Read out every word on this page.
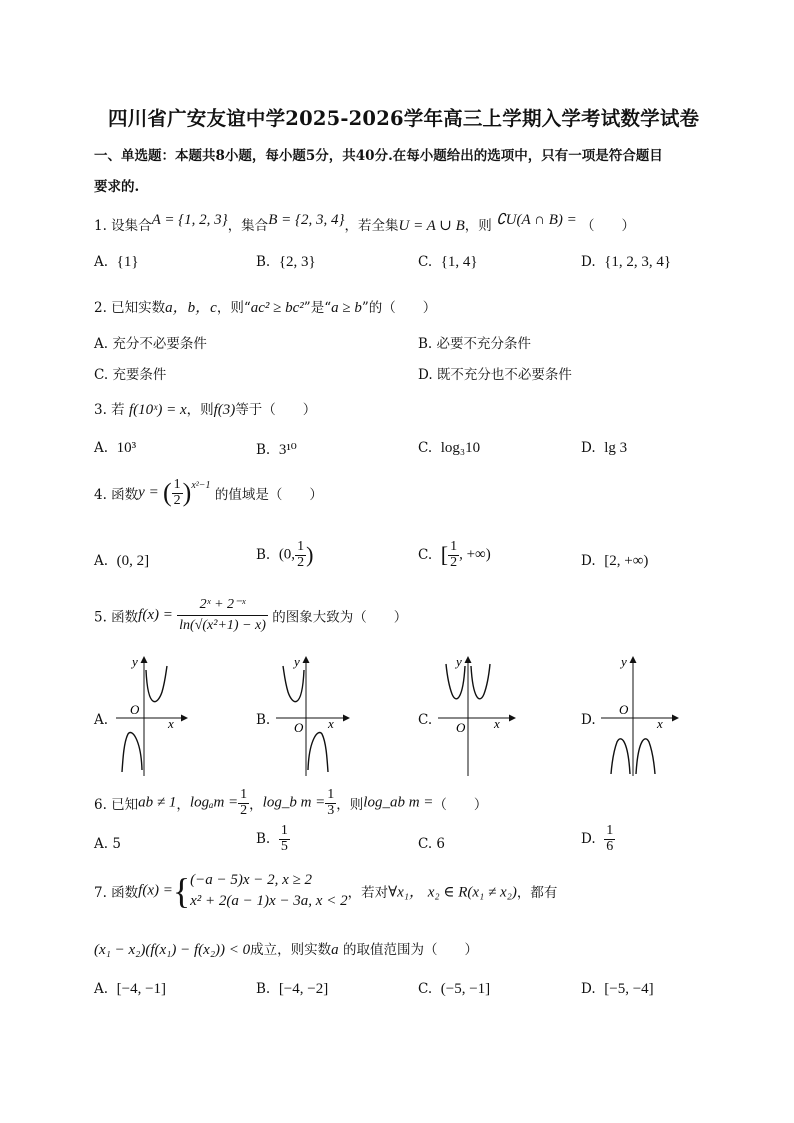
四川省广安友谊中学2025-2026学年高三上学期入学考试数学试卷
一、单选题：本题共8小题，每小题5分，共40分.在每小题给出的选项中，只有一项是符合题目
要求的.
1. 设集合A = {1, 2, 3}，集合B = {2, 3, 4}，若全集U = A ∪ B，则 ∁U(A ∩ B) = （　　）
A. {1}	B. {2, 3}	C. {1, 4}	D. {1, 2, 3, 4}
2. 已知实数a，b，c，则“ac² ≥ bc²”是“a ≥ b”的（　　）
A. 充分不必要条件	B. 必要不充分条件
C. 充要条件	D. 既不充分也不必要条件
3. 若 f(10ˣ) = x，则f(3)等于（　　）
A. 10³	B. 3¹⁰	C. log₃10	D. lg 3
4. 函数y = ( $\frac{1}{2} )^{x^2-1}$ 的值域是（　　）
A. (0, 2]	B. (0, $\frac{1}{2}$ )	C. [ $\frac{1}{2}$ , +∞)	D. [2, +∞)
5. 函数$f(x) = \frac{\text{2ˣ + 2⁻ˣ}}{\text{ln(√(x²+1) − x)}}$ 的图象大致为（　　）
A.	B.	C.	D.
y
O
x
y
O x
y
O x
y
O
x
6. 已知ab ≠ 1，$\log_am = \frac{1}{2}$ ，log_b $m = \frac{1}{3}$ ，则log_ab m =（　　）
A. 5	B. $\frac{1}{5}$	C. 6	D. $\frac{1}{6}$
7. 函数f(x) ={ (−a − 5)x − 2, x ≥ 2
x² + 2(a − 1)x − 3a, x < 2 ，若对∀x₁， x₂ ∈ R(x₁ ≠ x₂)，都有
(x₁ − x₂)(f(x₁) − f(x₂)) < 0成立，则实数a 的取值范围为（　　）
A. [−4, −1]	B. [−4, −2]	C. (−5, −1]	D. [−5, −4]
